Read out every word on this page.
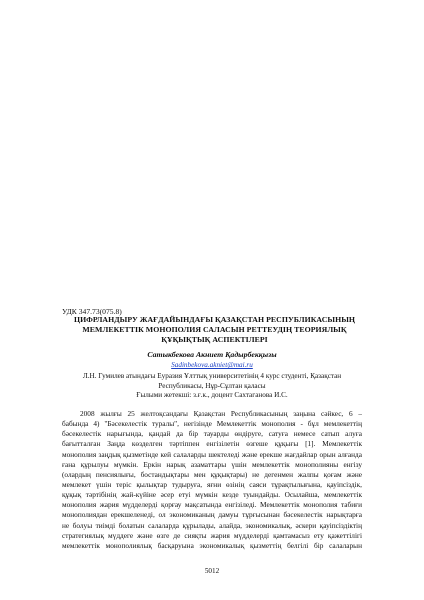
УДК 347.73(075.8)
ЦИФРЛАНДЫРУ ЖАҒДАЙЫНДАҒЫ ҚАЗАҚСТАН РЕСПУБЛИКАСЫНЫҢ
МЕМЛЕКЕТТІК МОНОПОЛИЯ САЛАСЫН РЕТТЕУДІҢ ТЕОРИЯЛЫҚ
ҚҰҚЫҚТЫҚ АСПЕКТІЛЕРІ
Сатыкбекова Акниет Қадырбекқызы
Sadinbekova.akniet@mai.ru
Л.Н. Гумилев атындағы Еуразия Ұлттық университетінің 4 курс студенті, Қазақстан
Республикасы, Нұр-Сұлтан қаласы
Ғылыми жетекші: з.ғ.к., доцент Сахтаганова И.С.
2008 жылғы 25 желтоқсандағы Қазақстан Республикасының заңына сәйкес, 6 –
бабында 4) "Бәсекелестік туралы", негізінде Мемлекеттік монополия - бұл мемлекеттің
бәсекелестік нарығында, қандай да бір тауарды өндіруге, сатуға немесе сатып алуға
бағытталған Заңда көзделген тәртіппен енгізілетін өзгеше құқығы [1]. Мемлекеттік
монополия заңдық қызметінде кей салаларды шектеледі және ерекше жағдайлар орын алғанда
ғана құрылуы мүмкін. Еркін нарық азаматтары үшін мемлекеттік монополияны енгізу
(олардың пенсиялығы, бостандықтары мен құқықтары) не дегенмен жалпы қоғам және
мемлекет үшін теріс қылықтар тудыруға, яғни өзінің саяси тұрақтылығына, қауіпсіздік,
құқық тәртібінің жай-күйіне әсер етуі мүмкін кезде туындайды. Осылайша, мемлекеттік
монополия жария мүдделерді қорғау мақсатында енгізіледі. Мемлекеттік монополия табиғи
монополиядан ерекшеленеді, ол экономиканың дамуы тұрғысынан бәсекелестік нарықтарға
не болуы тиімді болатын салаларда құрылады, алайда, экономикалық, әскери қауіпсіздіктің
стратегиялық мүддеге және өзге де сияқты жария мүдделерді қамтамасыз ету қажеттілігі
мемлекеттік монополиялық басқаруына экономикалық қызметтің белгілі бір салаларын
5012
